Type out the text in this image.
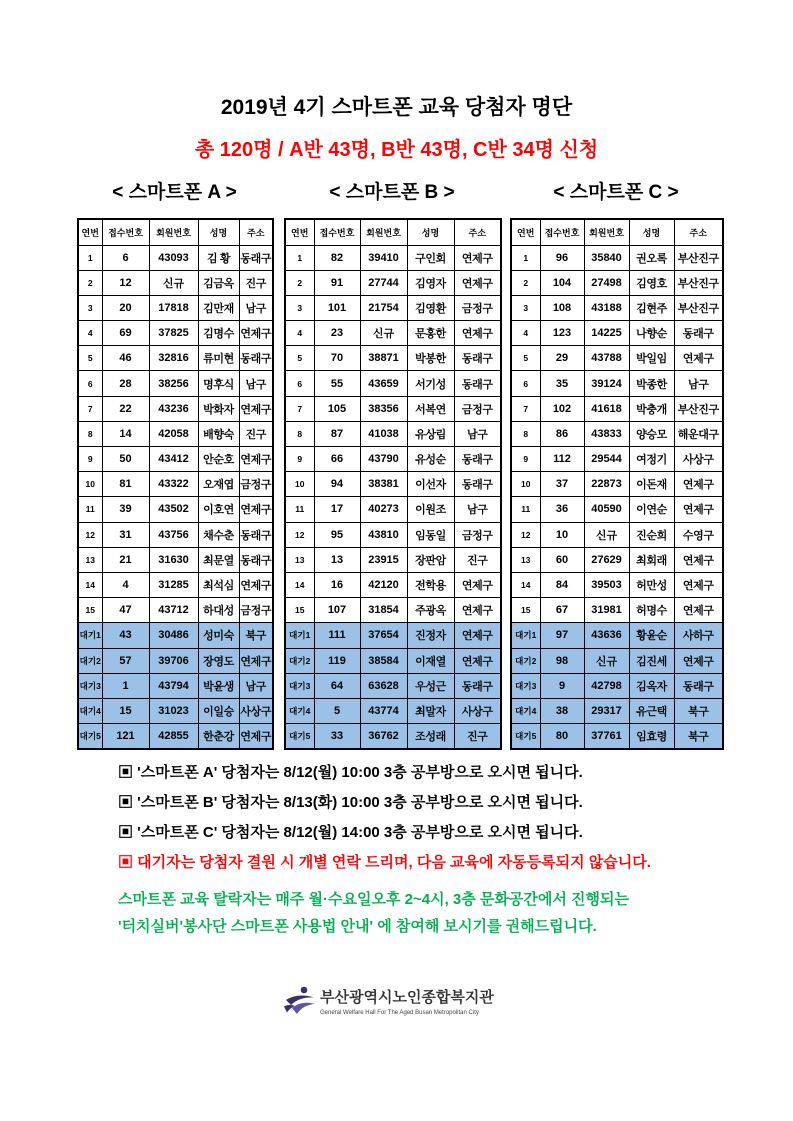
2019년 4기 스마트폰 교육 당첨자 명단
총 120명 / A반 43명, B반 43명, C반 34명 신청
< 스마트폰 A >
연번	접수번호	회원번호	성명	주소
1	6	43093	김 황	동래구
2	12	신규	김금옥	진구
3	20	17818	김만재	남구
4	69	37825	김명수	연제구
5	46	32816	류미현	동래구
6	28	38256	명후식	남구
7	22	43236	박화자	연제구
8	14	42058	배향숙	진구
9	50	43412	안순호	연제구
10	81	43322	오재엽	금정구
11	39	43502	이호연	연제구
12	31	43756	채수춘	동래구
13	21	31630	최문열	동래구
14	4	31285	최석심	연제구
15	47	43712	하대성	금정구
대기1	43	30486	성미숙	북구
대기2	57	39706	장영도	연제구
대기3	1	43794	박윤생	남구
대기4	15	31023	이일승	사상구
대기5	121	42855	한춘강	연제구
< 스마트폰 B >
연번	접수번호	회원번호	성명	주소
1	82	39410	구인회	연제구
2	91	27744	김영자	연제구
3	101	21754	김영환	금정구
4	23	신규	문홍한	연제구
5	70	38871	박봉한	동래구
6	55	43659	서기성	동래구
7	105	38356	서복연	금정구
8	87	41038	유상림	남구
9	66	43790	유성순	동래구
10	94	38381	이선자	동래구
11	17	40273	이원조	남구
12	95	43810	임동일	금정구
13	13	23915	장판암	진구
14	16	42120	전학용	연제구
15	107	31854	주광옥	연제구
대기1	111	37654	진정자	연제구
대기2	119	38584	이재열	연제구
대기3	64	63628	우성근	동래구
대기4	5	43774	최말자	사상구
대기5	33	36762	조성래	진구
< 스마트폰 C >
연번	접수번호	회원번호	성명	주소
1	96	35840	권오록	부산진구
2	104	27498	김영호	부산진구
3	108	43188	김현주	부산진구
4	123	14225	나향순	동래구
5	29	43788	박일임	연제구
6	35	39124	박종한	남구
7	102	41618	박충개	부산진구
8	86	43833	양승모	해운대구
9	112	29544	여정기	사상구
10	37	22873	이돈재	연제구
11	36	40590	이연순	연제구
12	10	신규	진순희	수영구
13	60	27629	최회래	연제구
14	84	39503	허만성	연제구
15	67	31981	허명수	연제구
대기1	97	43636	황윤순	사하구
대기2	98	신규	김진세	연제구
대기3	9	42798	김옥자	동래구
대기4	38	29317	유근택	북구
대기5	80	37761	임효령	북구
▣ '스마트폰 A' 당첨자는 8/12(월) 10:00 3층 공부방으로 오시면 됩니다.
▣ '스마트폰 B' 당첨자는 8/13(화) 10:00 3층 공부방으로 오시면 됩니다.
▣ '스마트폰 C' 당첨자는 8/12(월) 14:00 3층 공부방으로 오시면 됩니다.
▣ 대기자는 당첨자 결원 시 개별 연락 드리며, 다음 교육에 자동등록되지 않습니다.
스마트폰 교육 탈락자는 매주 월·수요일오후 2~4시, 3층 문화공간에서 진행되는
'터치실버'봉사단 스마트폰 사용법 안내' 에 참여해 보시기를 권해드립니다.
부산광역시노인종합복지관
General Welfare Hall For The Aged Busan Metropolitan City
